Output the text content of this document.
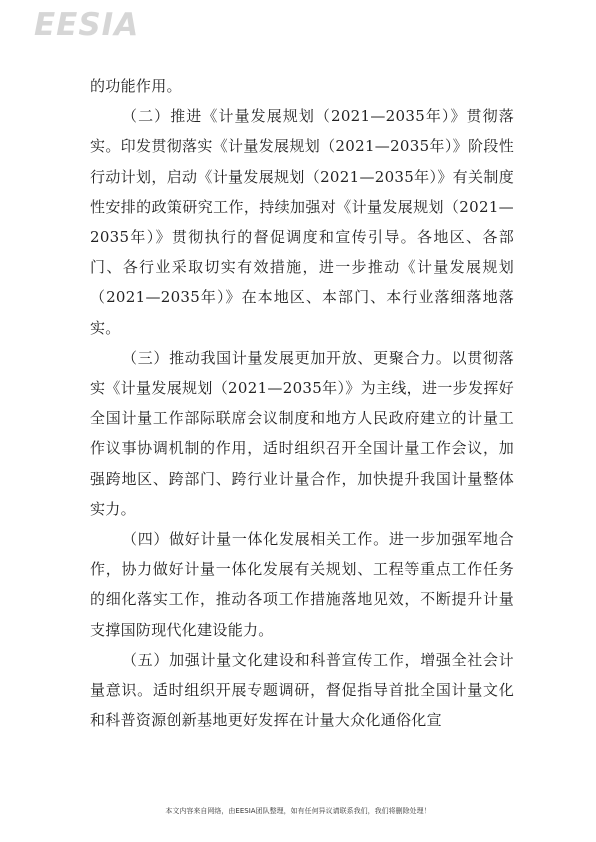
EESIA

的功能作用。

（二）推进《计量发展规划（2021—2035年）》贯彻落实。印发贯彻落实《计量发展规划（2021—2035年）》阶段性行动计划，启动《计量发展规划（2021—2035年）》有关制度性安排的政策研究工作，持续加强对《计量发展规划（2021—2035年）》贯彻执行的督促调度和宣传引导。各地区、各部门、各行业采取切实有效措施，进一步推动《计量发展规划（2021—2035年）》在本地区、本部门、本行业落细落地落实。

（三）推动我国计量发展更加开放、更聚合力。以贯彻落实《计量发展规划（2021—2035年）》为主线，进一步发挥好全国计量工作部际联席会议制度和地方人民政府建立的计量工作议事协调机制的作用，适时组织召开全国计量工作会议，加强跨地区、跨部门、跨行业计量合作，加快提升我国计量整体实力。

（四）做好计量一体化发展相关工作。进一步加强军地合作，协力做好计量一体化发展有关规划、工程等重点工作任务的细化落实工作，推动各项工作措施落地见效，不断提升计量支撑国防现代化建设能力。

（五）加强计量文化建设和科普宣传工作，增强全社会计量意识。适时组织开展专题调研，督促指导首批全国计量文化和科普资源创新基地更好发挥在计量大众化通俗化宣

本文内容来自网络，由EESIA团队整理，如有任何异议请联系我们，我们将删除处理！
